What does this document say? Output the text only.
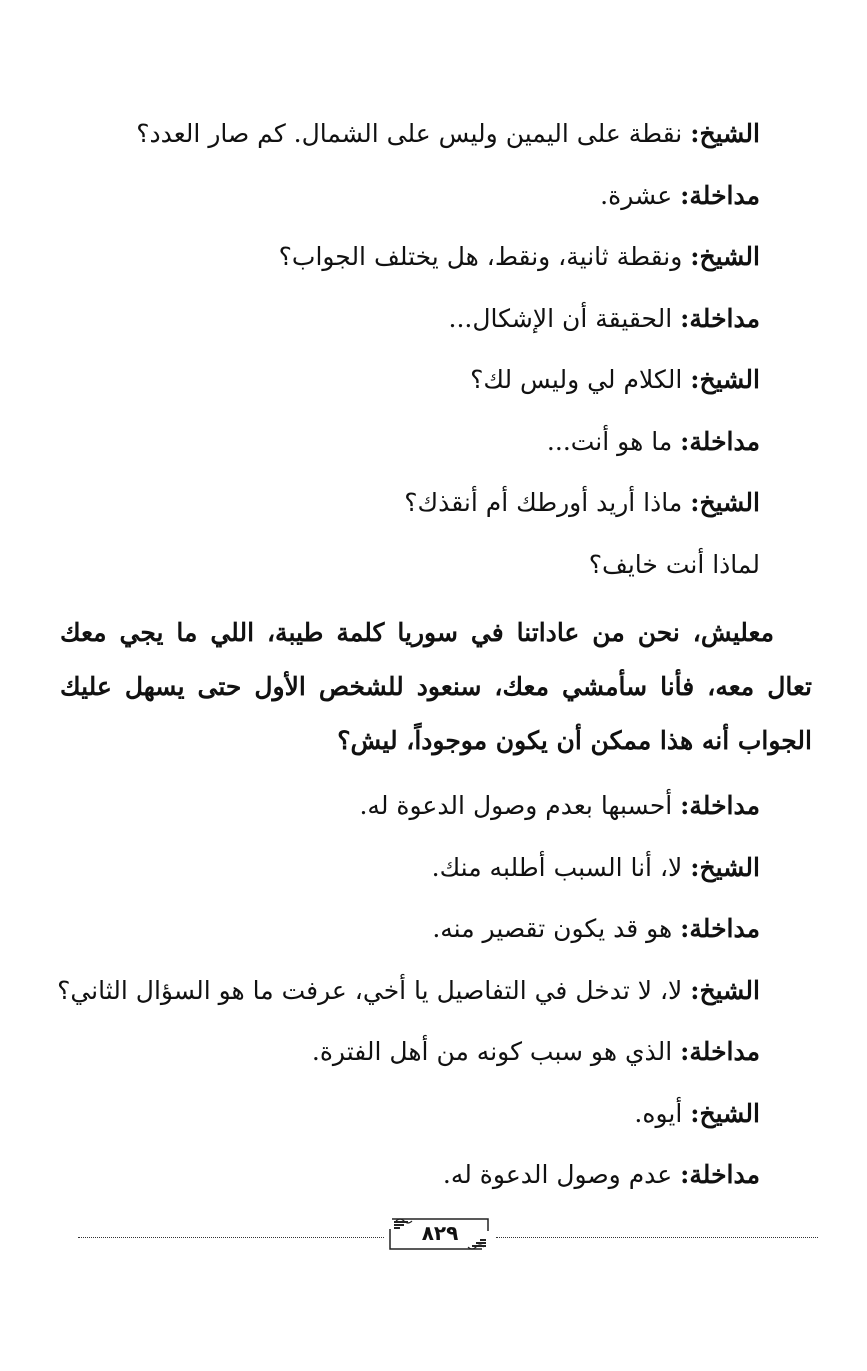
الشيخ: نقطة على اليمين وليس على الشمال. كم صار العدد؟
مداخلة: عشرة.
الشيخ: ونقطة ثانية، ونقط، هل يختلف الجواب؟
مداخلة: الحقيقة أن الإشكال...
الشيخ: الكلام لي وليس لك؟
مداخلة: ما هو أنت...
الشيخ: ماذا أريد أورطك أم أنقذك؟
لماذا أنت خايف؟
معليش، نحن من عاداتنا في سوريا كلمة طيبة، اللي ما يجي معك تعال معه، فأنا سأمشي معك، سنعود للشخص الأول حتى يسهل عليك الجواب أنه هذا ممكن أن يكون موجوداً، ليش؟
مداخلة: أحسبها بعدم وصول الدعوة له.
الشيخ: لا، أنا السبب أطلبه منك.
مداخلة: هو قد يكون تقصير منه.
الشيخ: لا، لا تدخل في التفاصيل يا أخي، عرفت ما هو السؤال الثاني؟
مداخلة: الذي هو سبب كونه من أهل الفترة.
الشيخ: أيوه.
مداخلة: عدم وصول الدعوة له.
٨٢٩
